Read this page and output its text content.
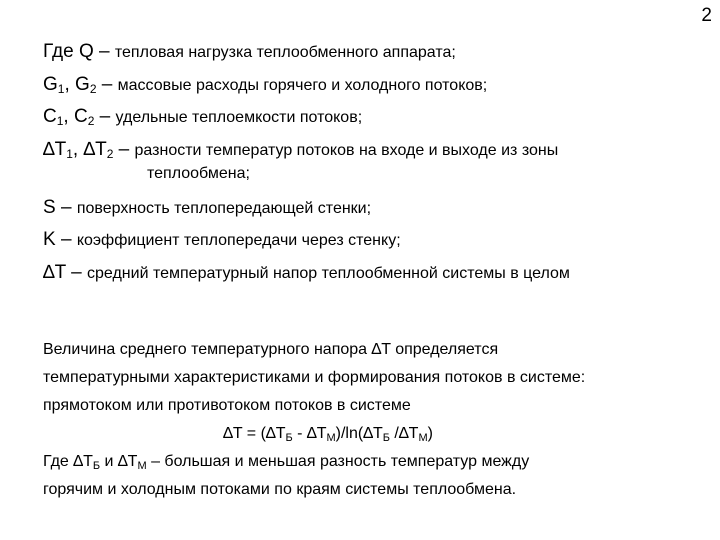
2
Где Q – тепловая нагрузка теплообменного аппарата;
$G_1$, $G_2$ – массовые расходы горячего и холодного потоков;
$C_1$, $C_2$ – удельные теплоемкости потоков;
$\Delta T_1$, $\Delta T_2$ – разности температур потоков на входе и выходе из зоны
теплообмена;
S – поверхность теплопередающей стенки;
K – коэффициент теплопередачи через стенку;
∆T – средний температурный напор теплообменной системы в целом
Величина среднего температурного напора ∆T определяется
температурными характеристиками и формирования потоков в системе:
прямотоком или противотоком потоков в системе
$\Delta T = (\Delta T_Б - \Delta T_М)/\ln(\Delta T_Б$ $/\Delta T_М$)
Где $\Delta T_Б$ и $\Delta T_М$ – большая и меньшая разность температур между
горячим и холодным потоками по краям системы теплообмена.
